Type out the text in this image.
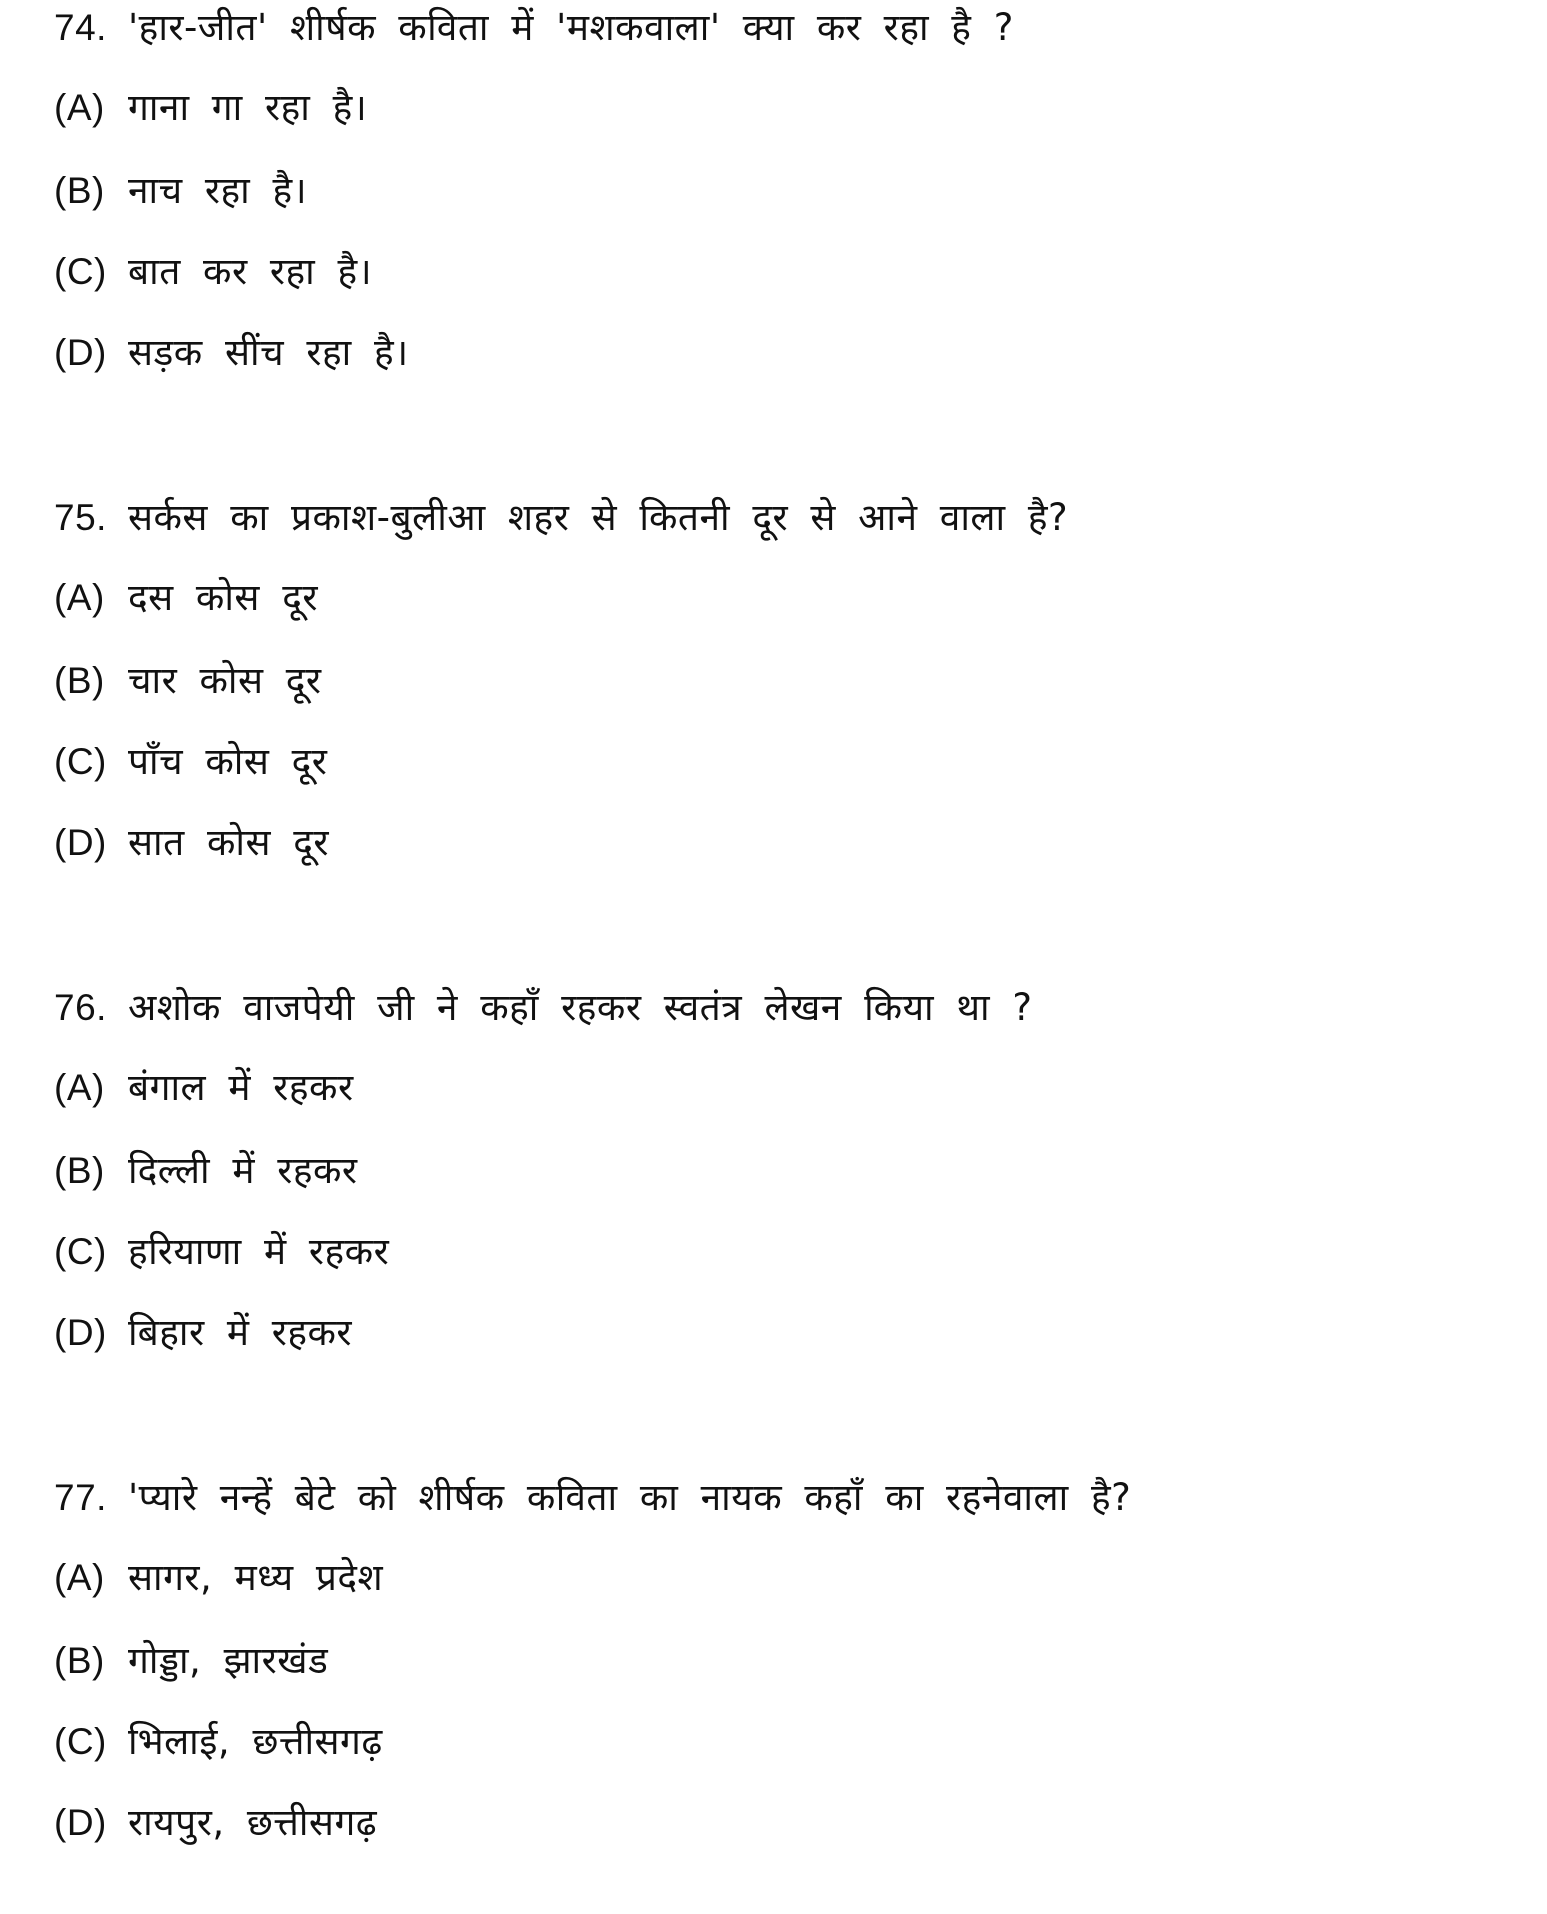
74. 'हार-जीत' शीर्षक कविता में 'मशकवाला' क्या कर रहा है ?
(A) गाना गा रहा है।
(B) नाच रहा है।
(C) बात कर रहा है।
(D) सड़क सींच रहा है।
75. सर्कस का प्रकाश-बुलीआ शहर से कितनी दूर से आने वाला है?
(A) दस कोस दूर
(B) चार कोस दूर
(C) पाँच कोस दूर
(D) सात कोस दूर
76. अशोक वाजपेयी जी ने कहाँ रहकर स्वतंत्र लेखन किया था ?
(A) बंगाल में रहकर
(B) दिल्ली में रहकर
(C) हरियाणा में रहकर
(D) बिहार में रहकर
77. 'प्यारे नन्हें बेटे को शीर्षक कविता का नायक कहाँ का रहनेवाला है?
(A) सागर, मध्य प्रदेश
(B) गोड्डा, झारखंड
(C) भिलाई, छत्तीसगढ़
(D) रायपुर, छत्तीसगढ़
